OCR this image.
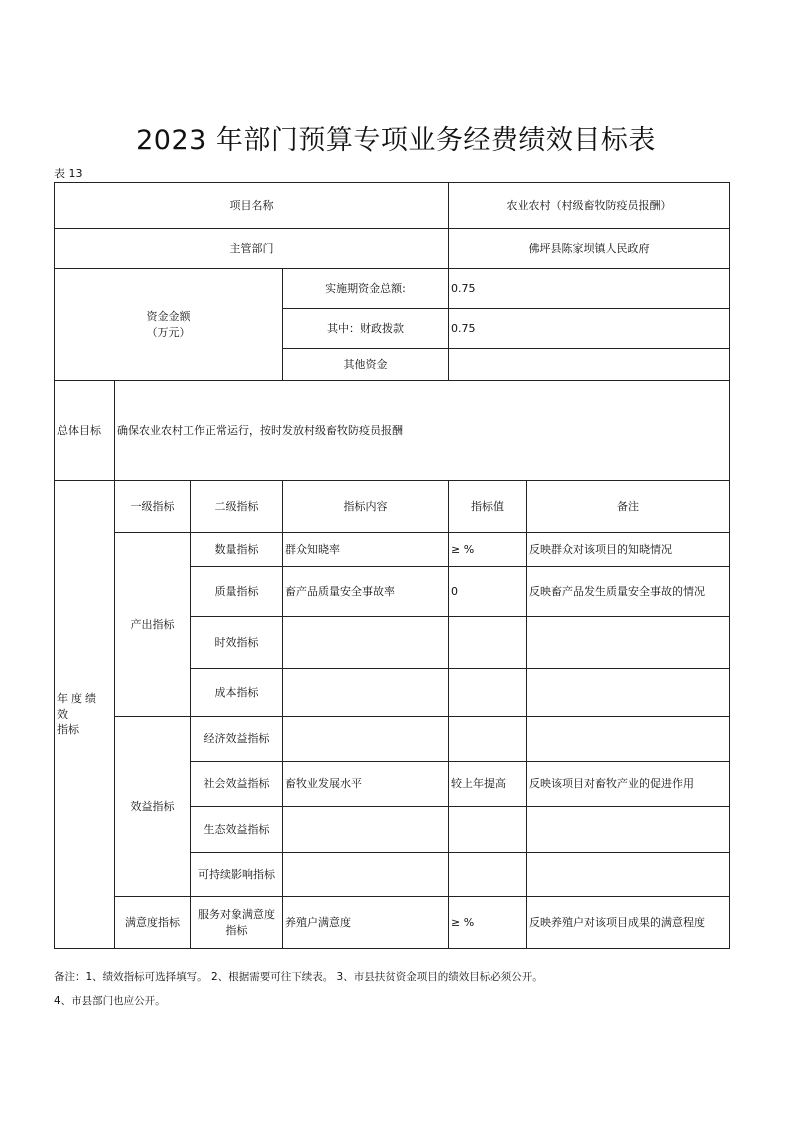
2023 年部门预算专项业务经费绩效目标表
表 13
项目名称				农业农村（村级畜牧防疫员报酬）	
主管部门				佛坪县陈家坝镇人民政府	

资金金额
（万元）			实施期资金总额:	0.75	
			其中：财政拨款	0.75	
			其他资金		
总体目标	确保农业农村工作正常运行，按时发放村级畜牧防疫员报酬				

年度绩效
指标	一级指标	二级指标	指标内容	指标值	备注
	产出指标	数量指标	群众知晓率	≥ %	反映群众对该项目的知晓情况
		质量指标	畜产品质量安全事故率	0	反映畜产品发生质量安全事故的情况
		时效指标			
		成本指标			
	效益指标	经济效益指标			
		社会效益指标	畜牧业发展水平	较上年提高	反映该项目对畜牧产业的促进作用
		生态效益指标			
		可持续影响指标			
	满意度指标	服务对象满意度指标	养殖户满意度	≥ %	反映养殖户对该项目成果的满意程度
备注：1、绩效指标可选择填写。 2、根据需要可往下续表。 3、市县扶贫资金项目的绩效目标必须公开。
4、市县部门也应公开。
